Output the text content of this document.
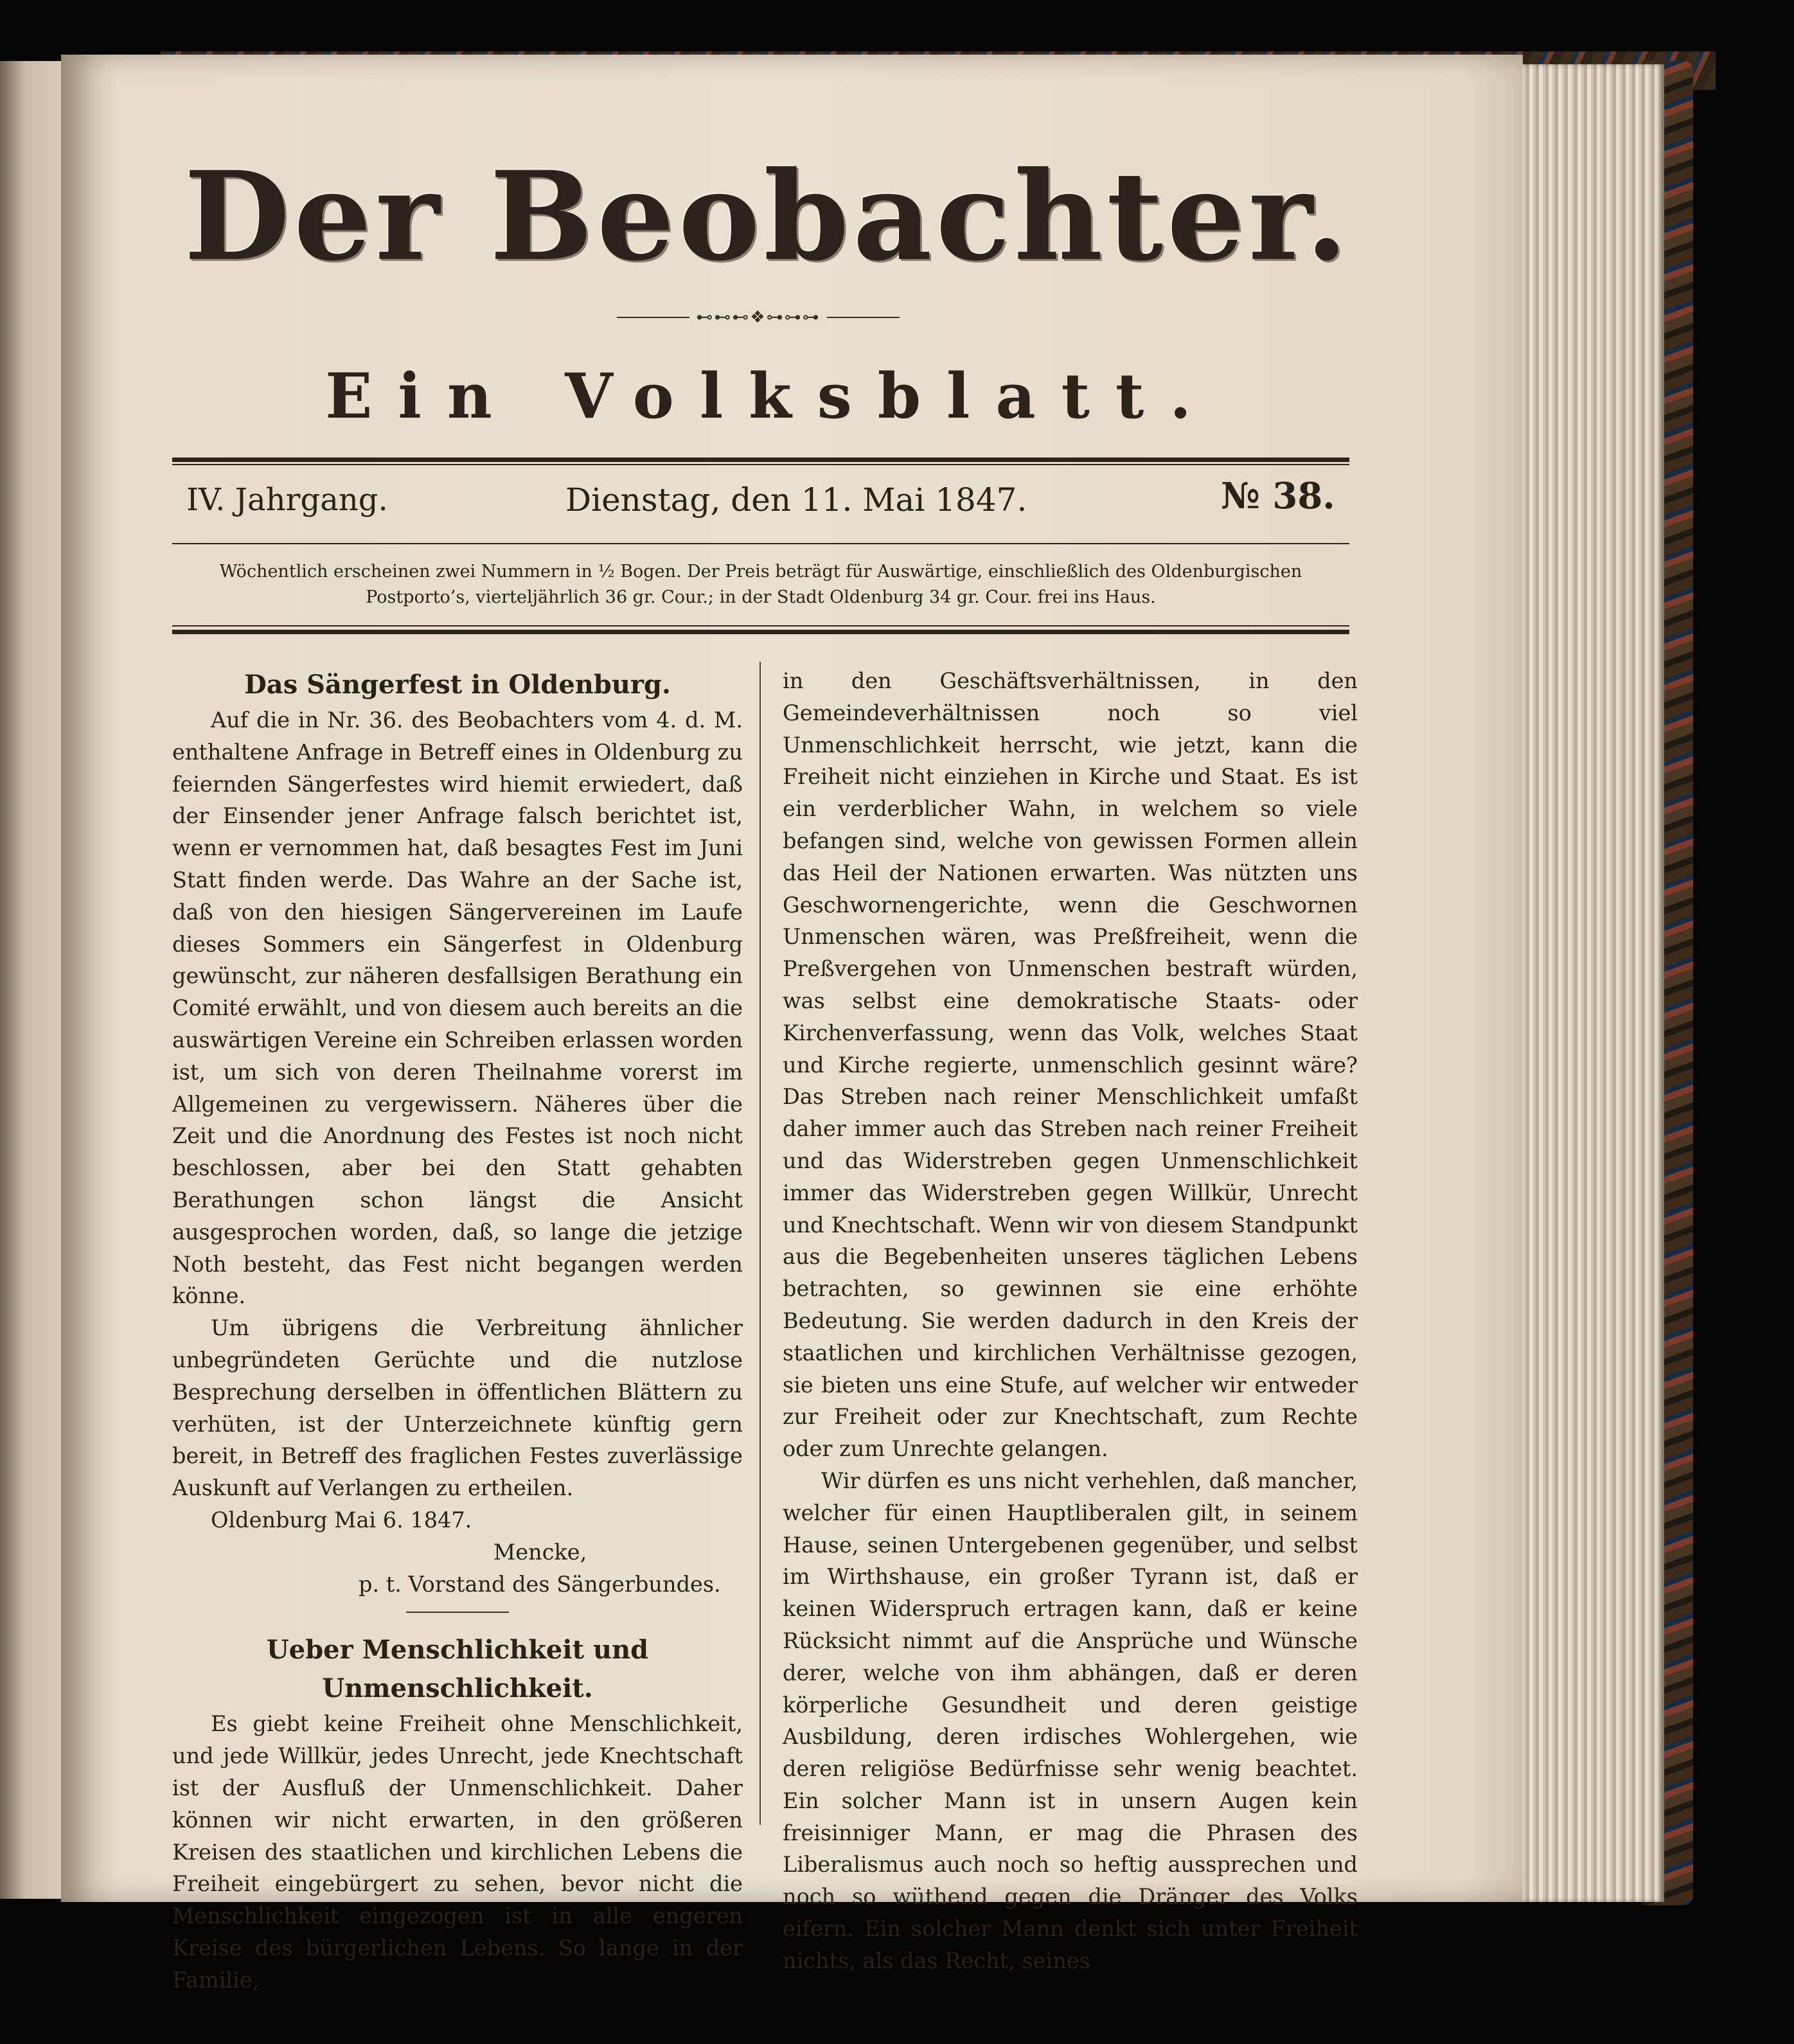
Der Beobachter.
⊷⊷⊷❖⊶⊶⊶
Ein Volksblatt.
IV. Jahrgang.	Dienstag, den 11. Mai 1847.	№ 38.
Wöchentlich erscheinen zwei Nummern in ½ Bogen. Der Preis beträgt für Auswärtige, einschließlich des Oldenburgischen
Postporto’s, vierteljährlich 36 gr. Cour.; in der Stadt Oldenburg 34 gr. Cour. frei ins Haus.
Das Sängerfest in Oldenburg.

Auf die in Nr. 36. des Beobachters vom 4. d. M. enthaltene Anfrage in Betreff eines in Oldenburg zu feiernden Sängerfestes wird hiemit erwiedert, daß der Einsender jener Anfrage falsch berichtet ist, wenn er vernommen hat, daß besagtes Fest im Juni Statt finden werde. Das Wahre an der Sache ist, daß von den hiesigen Sängervereinen im Laufe dieses Sommers ein Sängerfest in Oldenburg gewünscht, zur näheren desfallsigen Berathung ein Comité erwählt, und von diesem auch bereits an die auswärtigen Vereine ein Schreiben erlassen worden ist, um sich von deren Theilnahme vorerst im Allgemeinen zu vergewissern. Näheres über die Zeit und die Anordnung des Festes ist noch nicht beschlossen, aber bei den Statt gehabten Berathungen schon längst die Ansicht ausgesprochen worden, daß, so lange die jetzige Noth besteht, das Fest nicht begangen werden könne.

Um übrigens die Verbreitung ähnlicher unbegründeten Gerüchte und die nutzlose Besprechung derselben in öffentlichen Blättern zu verhüten, ist der Unterzeichnete künftig gern bereit, in Betreff des fraglichen Festes zuverlässige Auskunft auf Verlangen zu ertheilen.

Oldenburg Mai 6. 1847.

Mencke,

p. t. Vorstand des Sängerbundes.

Ueber Menschlichkeit und Unmenschlichkeit.

Es giebt keine Freiheit ohne Menschlichkeit, und jede Willkür, jedes Unrecht, jede Knechtschaft ist der Ausfluß der Unmenschlichkeit. Daher können wir nicht erwarten, in den größeren Kreisen des staatlichen und kirchlichen Lebens die Freiheit eingebürgert zu sehen, bevor nicht die Menschlichkeit eingezogen ist in alle engeren Kreise des bürgerlichen Lebens. So lange in der Familie,

in den Geschäftsverhältnissen, in den Gemeindeverhältnissen noch so viel Unmenschlichkeit herrscht, wie jetzt, kann die Freiheit nicht einziehen in Kirche und Staat. Es ist ein verderblicher Wahn, in welchem so viele befangen sind, welche von gewissen Formen allein das Heil der Nationen erwarten. Was nützten uns Geschwornengerichte, wenn die Geschwornen Unmenschen wären, was Preßfreiheit, wenn die Preßvergehen von Unmenschen bestraft würden, was selbst eine demokratische Staats- oder Kirchenverfassung, wenn das Volk, welches Staat und Kirche regierte, unmenschlich gesinnt wäre? Das Streben nach reiner Menschlichkeit umfaßt daher immer auch das Streben nach reiner Freiheit und das Widerstreben gegen Unmenschlichkeit immer das Widerstreben gegen Willkür, Unrecht und Knechtschaft. Wenn wir von diesem Standpunkt aus die Begebenheiten unseres täglichen Lebens betrachten, so gewinnen sie eine erhöhte Bedeutung. Sie werden dadurch in den Kreis der staatlichen und kirchlichen Verhältnisse gezogen, sie bieten uns eine Stufe, auf welcher wir entweder zur Freiheit oder zur Knechtschaft, zum Rechte oder zum Unrechte gelangen.

Wir dürfen es uns nicht verhehlen, daß mancher, welcher für einen Hauptliberalen gilt, in seinem Hause, seinen Untergebenen gegenüber, und selbst im Wirthshause, ein großer Tyrann ist, daß er keinen Widerspruch ertragen kann, daß er keine Rücksicht nimmt auf die Ansprüche und Wünsche derer, welche von ihm abhängen, daß er deren körperliche Gesundheit und deren geistige Ausbildung, deren irdisches Wohlergehen, wie deren religiöse Bedürfnisse sehr wenig beachtet. Ein solcher Mann ist in unsern Augen kein freisinniger Mann, er mag die Phrasen des Liberalismus auch noch so heftig aussprechen und noch so wüthend gegen die Dränger des Volks eifern. Ein solcher Mann denkt sich unter Freiheit nichts, als das Recht, seines
